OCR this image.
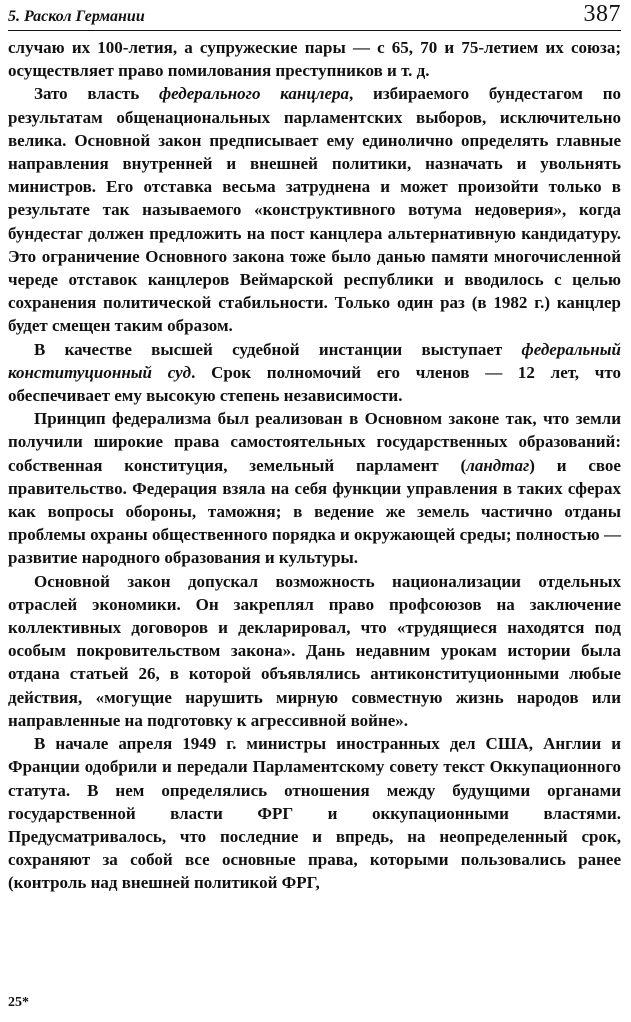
5. Раскол Германии	387

случаю их 100-летия, а супружеские пары — с 65, 70 и 75-летием их союза; осуществляет право помилования преступников и т. д.

Зато власть федерального канцлера, избираемого бундестагом по результатам общенациональных парламентских выборов, исключительно велика. Основной закон предписывает ему единолично определять главные направления внутренней и внешней политики, назначать и увольнять министров. Его отставка весьма затруднена и может произойти только в результате так называемого «конструктивного вотума недоверия», когда бундестаг должен предложить на пост канцлера альтернативную кандидатуру. Это ограничение Основного закона тоже было данью памяти многочисленной череде отставок канцлеров Веймарской республики и вводилось с целью сохранения политической стабильности. Только один раз (в 1982 г.) канцлер будет смещен таким образом.

В качестве высшей судебной инстанции выступает федеральный конституционный суд. Срок полномочий его членов — 12 лет, что обеспечивает ему высокую степень независимости.

Принцип федерализма был реализован в Основном законе так, что земли получили широкие права самостоятельных государственных образований: собственная конституция, земельный парламент (ландтаг) и свое правительство. Федерация взяла на себя функции управления в таких сферах как вопросы обороны, таможня; в ведение же земель частично отданы проблемы охраны общественного порядка и окружающей среды; полностью — развитие народного образования и культуры.

Основной закон допускал возможность национализации отдельных отраслей экономики. Он закреплял право профсоюзов на заключение коллективных договоров и декларировал, что «трудящиеся находятся под особым покровительством закона». Дань недавним урокам истории была отдана статьей 26, в которой объявлялись антиконституционными любые действия, «могущие нарушить мирную совместную жизнь народов или направленные на подготовку к агрессивной войне».

В начале апреля 1949 г. министры иностранных дел США, Англии и Франции одобрили и передали Парламентскому совету текст Оккупационного статута. В нем определялись отношения между будущими органами государственной власти ФРГ и оккупационными властями. Предусматривалось, что последние и впредь, на неопределенный срок, сохраняют за собой все основные права, которыми пользовались ранее (контроль над внешней политикой ФРГ,

25*
